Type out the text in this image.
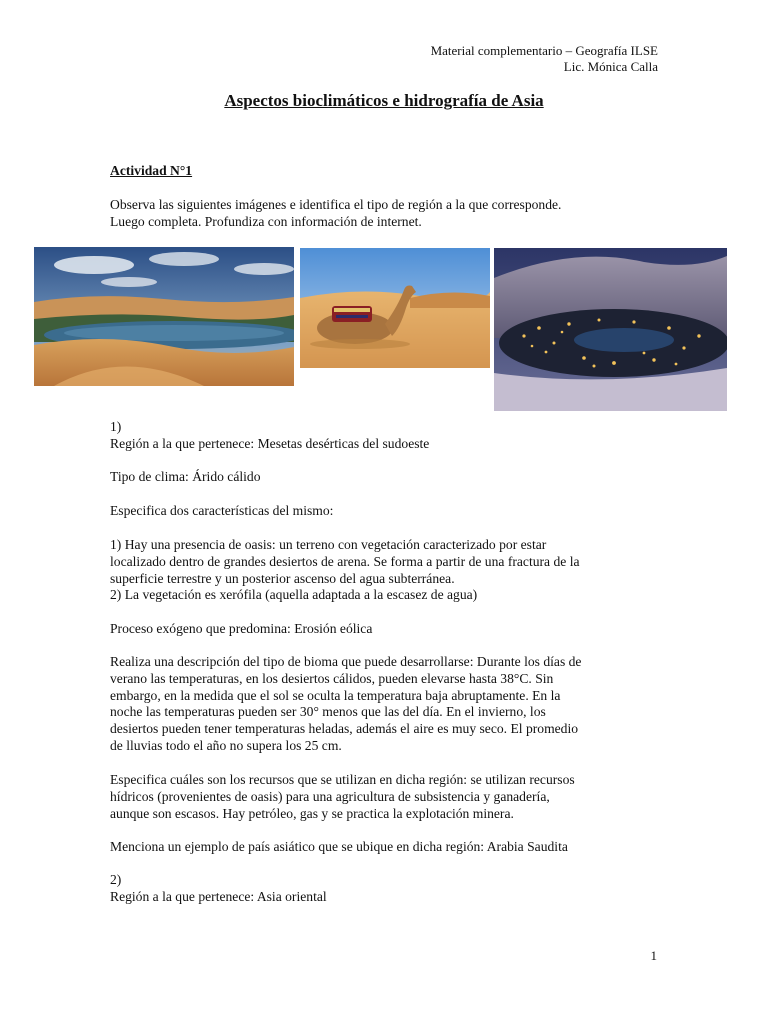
Material complementario – Geografía ILSE
Lic. Mónica Calla
Aspectos bioclimáticos e hidrografía de Asia
Actividad N°1
Observa las siguientes imágenes e identifica el tipo de región a la que corresponde.
Luego completa. Profundiza con información de internet.
1)
Región a la que pertenece: Mesetas desérticas del sudoeste
Tipo de clima: Árido cálido
Especifica dos características del mismo:
1) Hay una presencia de oasis: un terreno con vegetación caracterizado por estar
localizado dentro de grandes desiertos de arena. Se forma a partir de una fractura de la
superficie terrestre y un posterior ascenso del agua subterránea.
2) La vegetación es xerófila (aquella adaptada a la escasez de agua)
Proceso exógeno que predomina: Erosión eólica
Realiza una descripción del tipo de bioma que puede desarrollarse: Durante los días de
verano las temperaturas, en los desiertos cálidos, pueden elevarse hasta 38°C. Sin
embargo, en la medida que el sol se oculta la temperatura baja abruptamente. En la
noche las temperaturas pueden ser 30° menos que las del día. En el invierno, los
desiertos pueden tener temperaturas heladas, además el aire es muy seco. El promedio
de lluvias todo el año no supera los 25 cm.
Especifica cuáles son los recursos que se utilizan en dicha región: se utilizan recursos
hídricos (provenientes de oasis) para una agricultura de subsistencia y ganadería,
aunque son escasos. Hay petróleo, gas y se practica la explotación minera.
Menciona un ejemplo de país asiático que se ubique en dicha región: Arabia Saudita
2)
Región a la que pertenece: Asia oriental
1
